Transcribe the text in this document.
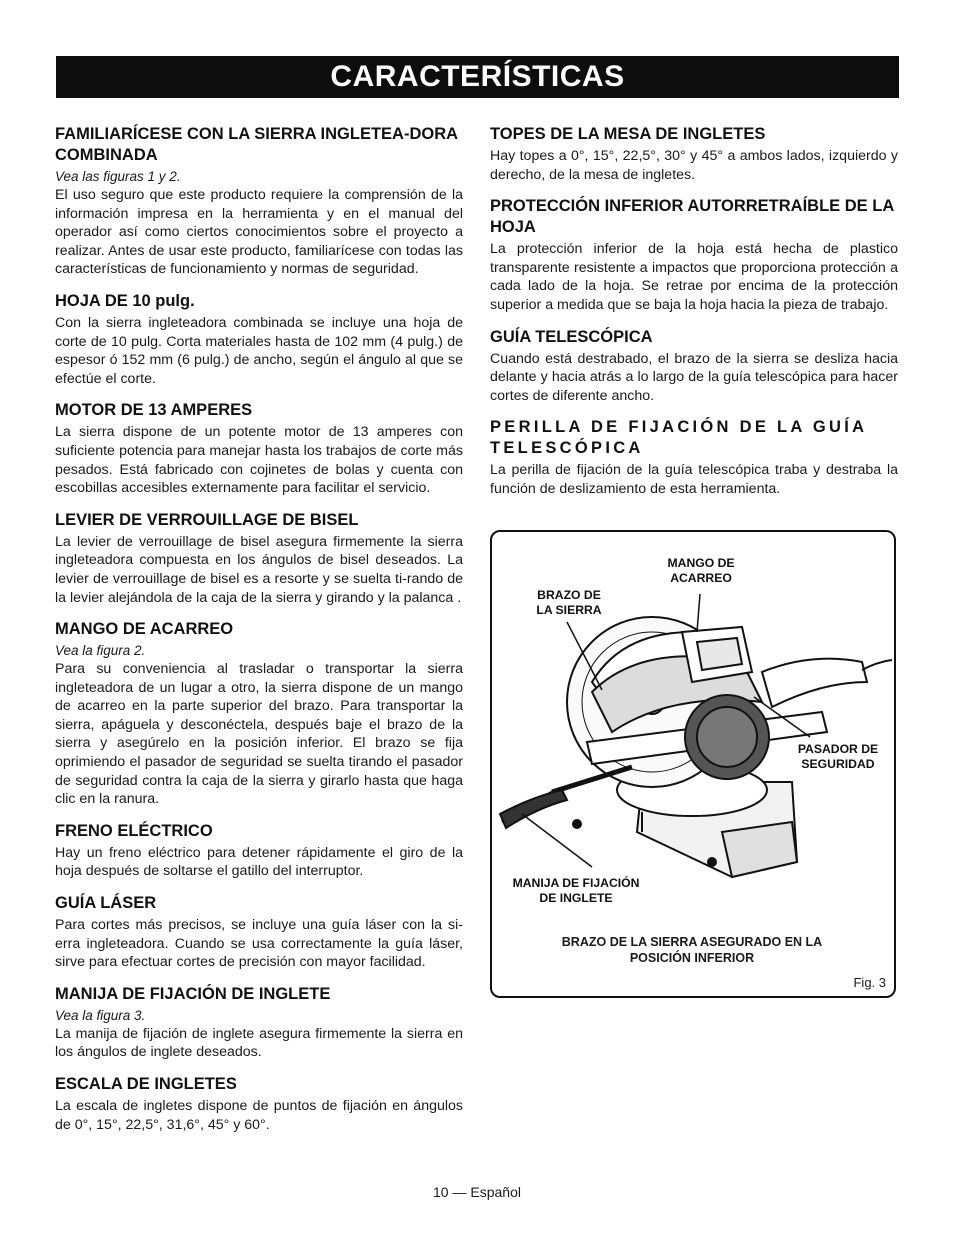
CARACTERÍSTICAS
FAMILIARÍCESE CON LA SIERRA INGLETEA-DORA COMBINADA
Vea las figuras 1 y 2.

El uso seguro que este producto requiere la comprensión de la información impresa en la herramienta y en el manual del operador así como ciertos conocimientos sobre el proyecto a realizar. Antes de usar este producto, familiarícese con todas las características de funcionamiento y normas de seguridad.

HOJA DE 10 pulg.

Con la sierra ingleteadora combinada se incluye una hoja de corte de 10 pulg. Corta materiales hasta de 102 mm (4 pulg.) de espesor ó 152 mm (6 pulg.) de ancho, según el ángulo al que se efectúe el corte.

MOTOR DE 13 AMPERES

La sierra dispone de un potente motor de 13 amperes con suficiente potencia para manejar hasta los trabajos de corte más pesados. Está fabricado con cojinetes de bolas y cuenta con escobillas accesibles externamente para facilitar el servicio.

LEVIER DE VERROUILLAGE DE BISEL

La levier de verrouillage de bisel asegura firmemente la sierra ingleteadora compuesta en los ángulos de bisel deseados. La levier de verrouillage de bisel es a resorte y se suelta ti-rando de la levier alejándola de la caja de la sierra y girando y la palanca .

MANGO DE ACARREO
Vea la figura 2.

Para su conveniencia al trasladar o transportar la sierra ingleteadora de un lugar a otro, la sierra dispone de un mango de acarreo en la parte superior del brazo. Para transportar la sierra, apáguela y desconéctela, después baje el brazo de la sierra y asegúrelo en la posición inferior. El brazo se fija oprimiendo el pasador de seguridad se suelta tirando el pasador de seguridad contra la caja de la sierra y girarlo hasta que haga clic en la ranura.

FRENO ELÉCTRICO

Hay un freno eléctrico para detener rápidamente el giro de la hoja después de soltarse el gatillo del interruptor.

GUÍA LÁSER

Para cortes más precisos, se incluye una guía láser con la si-erra ingleteadora. Cuando se usa correctamente la guía láser, sirve para efectuar cortes de precisión con mayor facilidad.

MANIJA DE FIJACIÓN DE INGLETE
Vea la figura 3.

La manija de fijación de inglete asegura firmemente la sierra en los ángulos de inglete deseados.

ESCALA DE INGLETES

La escala de ingletes dispone de puntos de fijación en ángulos de 0°, 15°, 22,5°, 31,6°, 45° y 60°.

TOPES DE LA MESA DE INGLETES

Hay topes a 0°, 15°, 22,5°, 30° y 45° a ambos lados, izquierdo y derecho, de la mesa de ingletes.

PROTECCIÓN INFERIOR AUTORRETRAÍBLE DE LA HOJA

La protección inferior de la hoja está hecha de plastico transparente resistente a impactos que proporciona protección a cada lado de la hoja. Se retrae por encima de la protección superior a medida que se baja la hoja hacia la pieza de trabajo.

GUÍA TELESCÓPICA

Cuando está destrabado, el brazo de la sierra se desliza hacia delante y hacia atrás a lo largo de la guía telescópica para hacer cortes de diferente ancho.

PERILLA DE FIJACIÓN DE LA GUÍA TELESCÓPICA

La perilla de fijación de la guía telescópica traba y destraba la función de deslizamiento de esta herramienta.

MANGO DE ACARREO
BRAZO DE LA SIERRA
PASADOR DE SEGURIDAD
MANIJA DE FIJACIÓN DE INGLETE
BRAZO DE LA SIERRA ASEGURADO EN LA POSICIÓN INFERIOR
Fig. 3
10 — Español
